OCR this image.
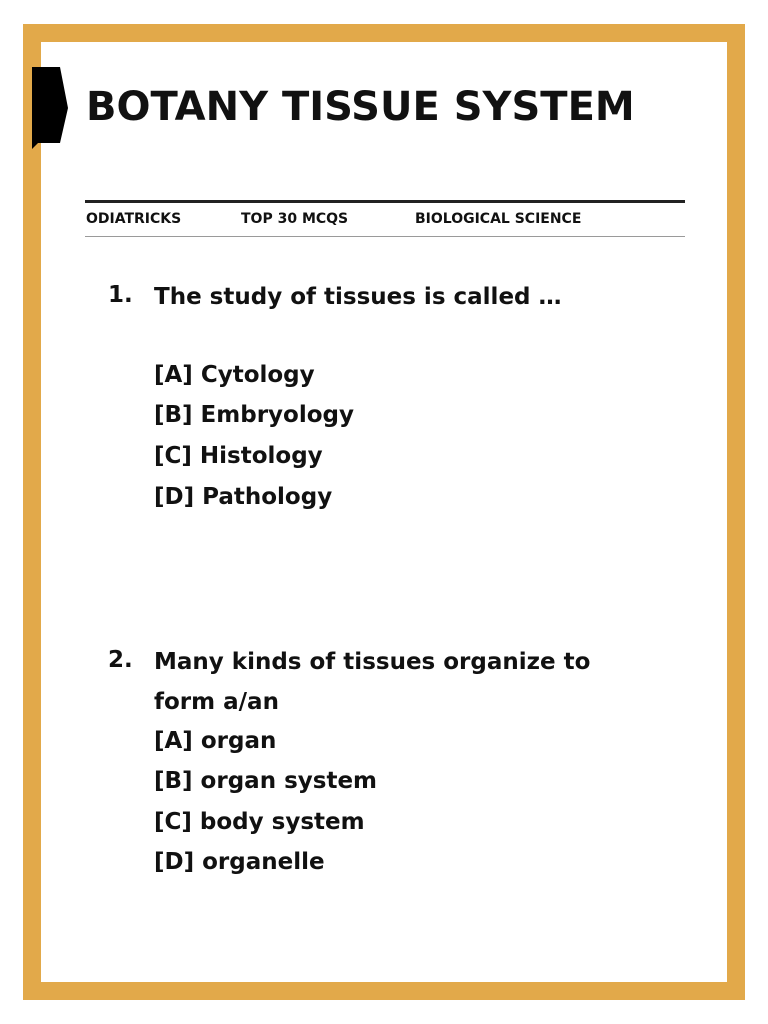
BOTANY TISSUE SYSTEM
ODIATRICKS	TOP 30 MCQS	BIOLOGICAL SCIENCE
1. The study of tissues is called …
[A] Cytology
[B] Embryology
[C] Histology
[D] Pathology
2. Many kinds of tissues organize to form a/an
[A] organ
[B] organ system
[C] body system
[D] organelle
